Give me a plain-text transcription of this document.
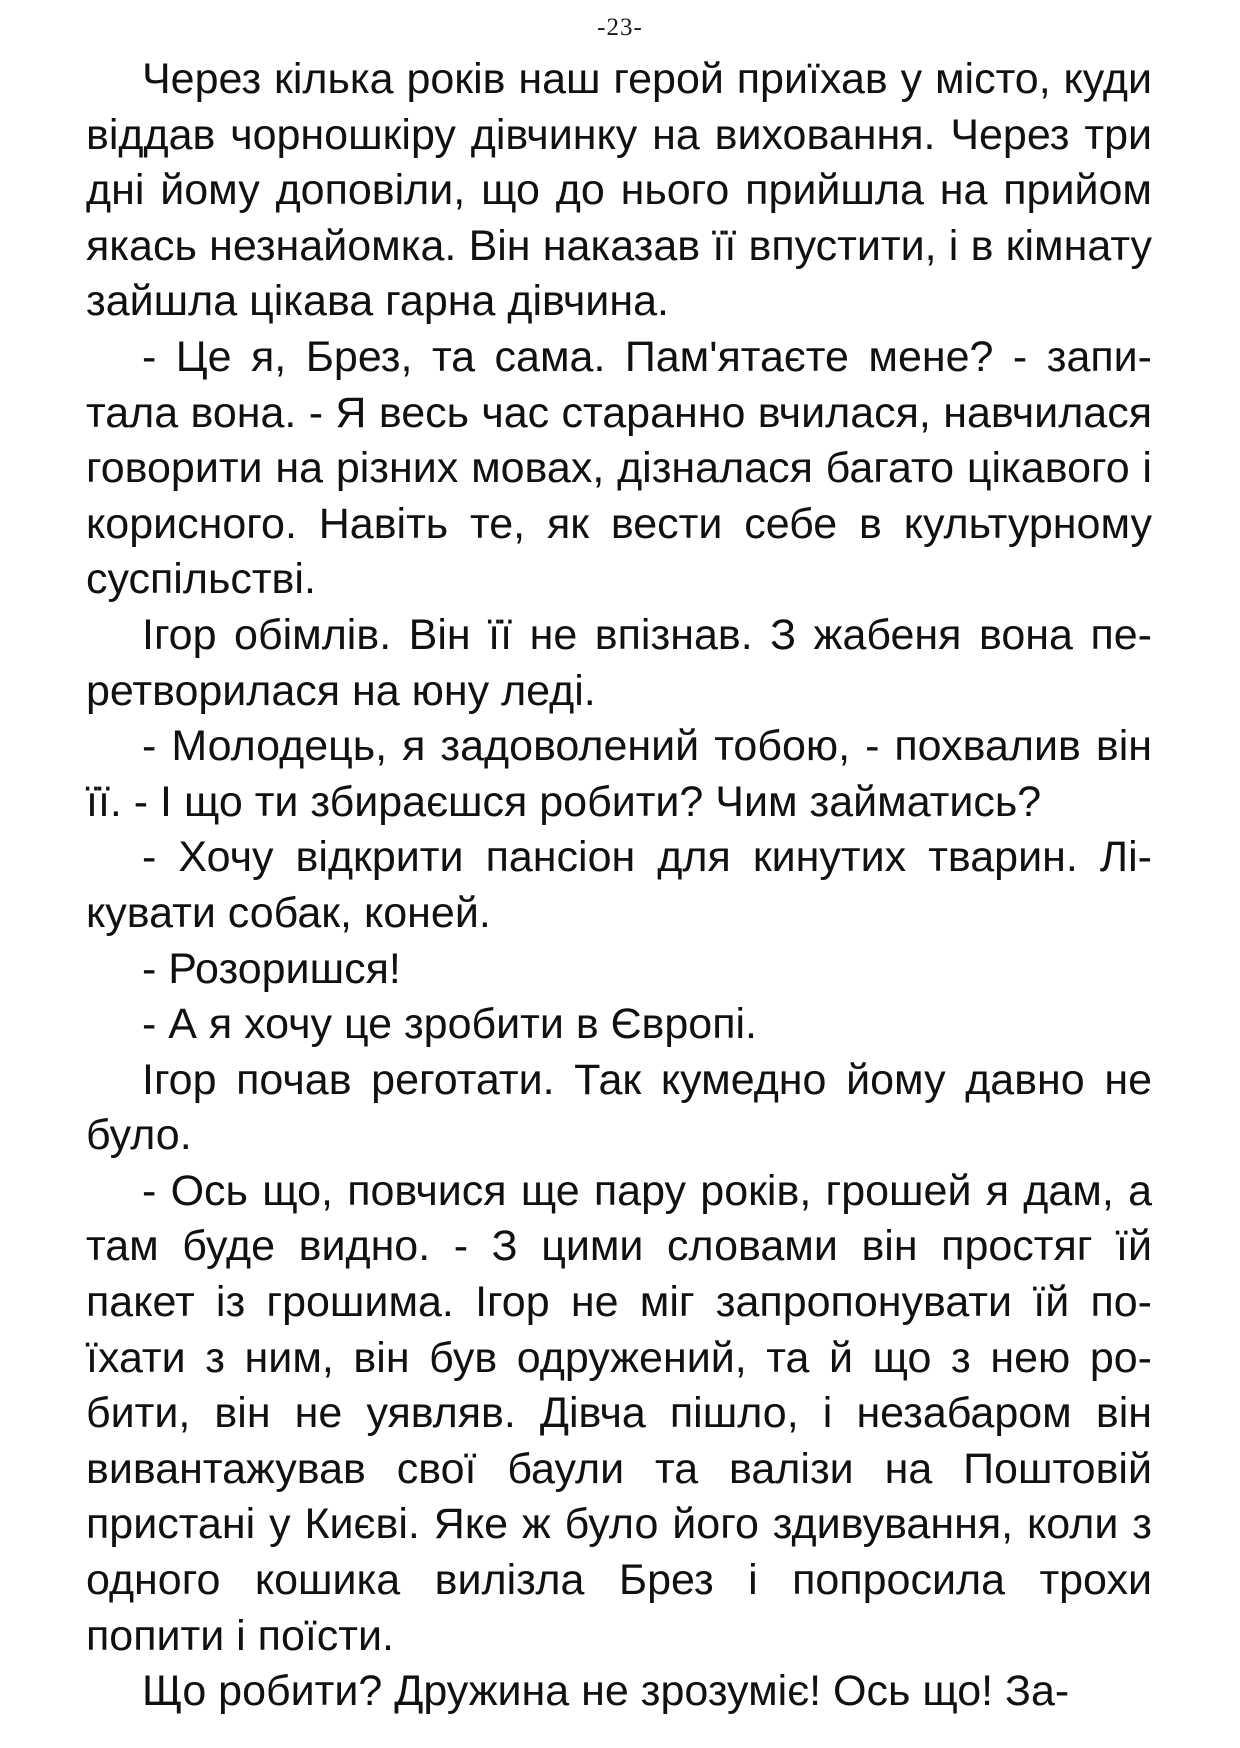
-23-

Через кілька років наш герой приїхав у місто, куди віддав чорношкіру дівчинку на виховання. Через три дні йому доповіли, що до нього прийшла на прийом якась незнайомка. Він наказав її впустити, і в кімнату зайшла цікава гарна дівчина.

- Це я, Брез, та сама. Пам'ятаєте мене? - запитала вона. - Я весь час старанно вчилася, навчилася говорити на різних мовах, дізналася багато цікавого і корисного. Навіть те, як вести себе в культурному суспільстві.

Ігор обімлів. Він її не впізнав. З жабеня вона перетворилася на юну леді.

- Молодець, я задоволений тобою, - похвалив він її. - І що ти збираєшся робити? Чим займатись?

- Хочу відкрити пансіон для кинутих тварин. Лікувати собак, коней.

- Розоришся!

- А я хочу це зробити в Європі.

Ігор почав реготати. Так кумедно йому давно не було.

- Ось що, повчися ще пару років, грошей я дам, а там буде видно. - З цими словами він простяг їй пакет із грошима. Ігор не міг запропонувати їй поїхати з ним, він був одружений, та й що з нею робити, він не уявляв. Дівча пішло, і незабаром він вивантажував свої баули та валізи на Поштовій пристані у Києві. Яке ж було його здивування, коли з одного кошика вилізла Брез і попросила трохи попити і поїсти.

Що робити? Дружина не зрозуміє! Ось що! За-
